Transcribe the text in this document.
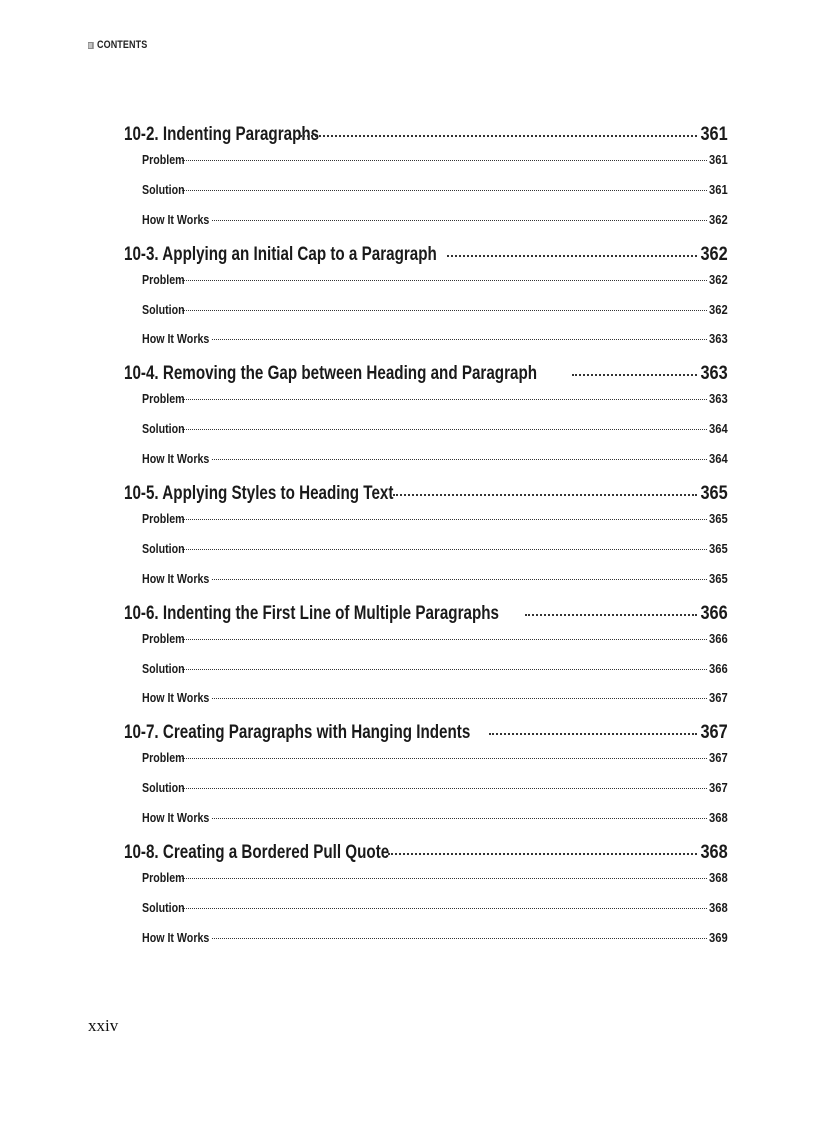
CONTENTS
10-2. Indenting Paragraphs	361
Problem	361
Solution	361
How It Works	362
10-3. Applying an Initial Cap to a Paragraph	362
Problem	362
Solution	362
How It Works	363
10-4. Removing the Gap between Heading and Paragraph	363
Problem	363
Solution	364
How It Works	364
10-5. Applying Styles to Heading Text	365
Problem	365
Solution	365
How It Works	365
10-6. Indenting the First Line of Multiple Paragraphs	366
Problem	366
Solution	366
How It Works	367
10-7. Creating Paragraphs with Hanging Indents	367
Problem	367
Solution	367
How It Works	368
10-8. Creating a Bordered Pull Quote	368
Problem	368
Solution	368
How It Works	369
xxiv
